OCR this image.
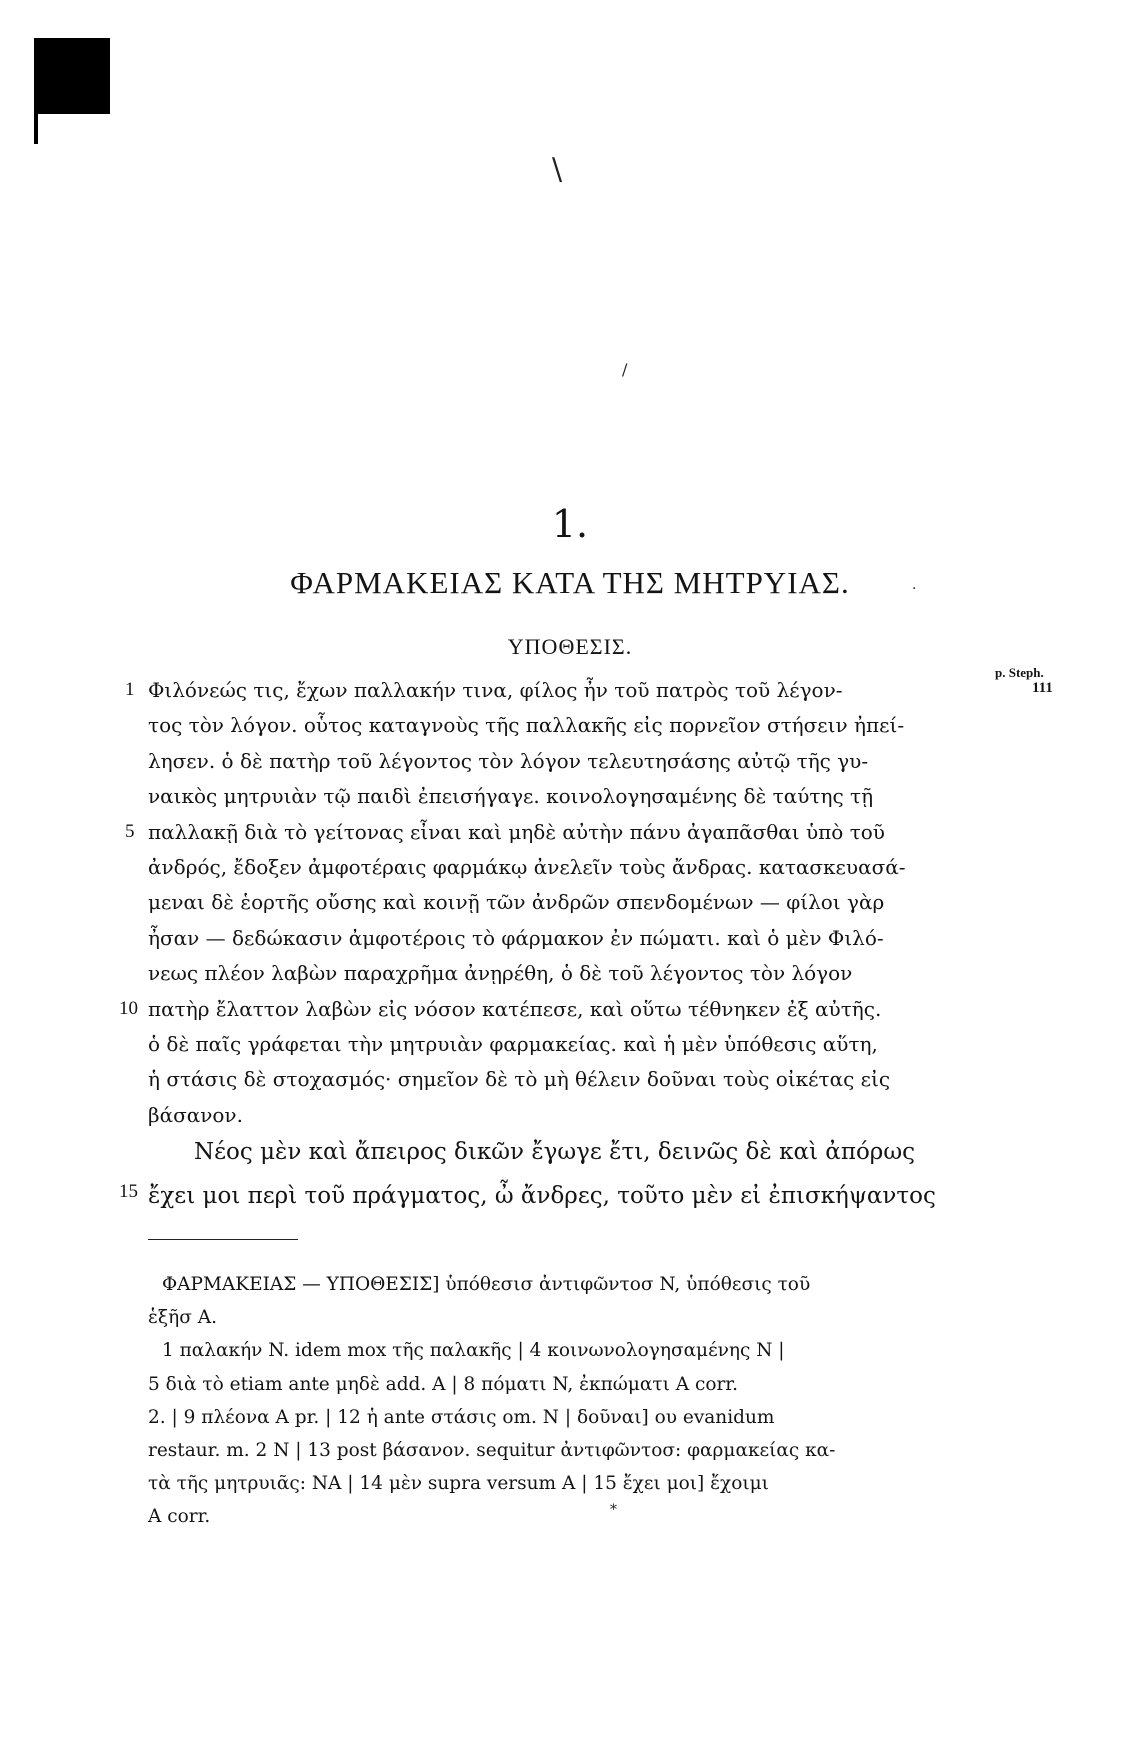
\
/
.
*
1.
ΦΑΡΜΑΚΕΙΑΣ ΚΑΤΑ ΤΗΣ ΜΗΤΡΥΙΑΣ.
ΥΠΟΘΕΣΙΣ.
p. Steph.
111
1
5
10
Φιλόνεώς τις, ἔχων παλλακήν τινα, φίλος ἦν τοῦ πατρὸς τοῦ λέγον-
τος τὸν λόγον. οὗτος καταγνοὺς τῆς παλλακῆς εἰς πορνεῖον στήσειν ἠπεί-
λησεν. ὁ δὲ πατὴρ τοῦ λέγοντος τὸν λόγον τελευτησάσης αὐτῷ τῆς γυ-
ναικὸς μητρυιὰν τῷ παιδὶ ἐπεισήγαγε. κοινολογησαμένης δὲ ταύτης τῇ
παλλακῇ διὰ τὸ γείτονας εἶναι καὶ μηδὲ αὐτὴν πάνυ ἀγαπᾶσθαι ὑπὸ τοῦ
ἀνδρός, ἔδοξεν ἀμφοτέραις φαρμάκῳ ἀνελεῖν τοὺς ἄνδρας. κατασκευασά-
μεναι δὲ ἑορτῆς οὔσης καὶ κοινῇ τῶν ἀνδρῶν σπενδομένων — φίλοι γὰρ
ἦσαν — δεδώκασιν ἀμφοτέροις τὸ φάρμακον ἐν πώματι. καὶ ὁ μὲν Φιλό-
νεως πλέον λαβὼν παραχρῆμα ἀνῃρέθη, ὁ δὲ τοῦ λέγοντος τὸν λόγον
πατὴρ ἔλαττον λαβὼν εἰς νόσον κατέπεσε, καὶ οὕτω τέθνηκεν ἐξ αὐτῆς.
ὁ δὲ παῖς γράφεται τὴν μητρυιὰν φαρμακείας. καὶ ἡ μὲν ὑπόθεσις αὕτη,
ἡ στάσις δὲ στοχασμός· σημεῖον δὲ τὸ μὴ θέλειν δοῦναι τοὺς οἰκέτας εἰς
βάσανον.
15
Νέος μὲν καὶ ἄπειρος δικῶν ἔγωγε ἔτι, δεινῶς δὲ καὶ ἀπόρως
ἔχει μοι περὶ τοῦ πράγματος, ὦ ἄνδρες, τοῦτο μὲν εἰ ἐπισκήψαντος
ΦΑΡΜΑΚΕΙΑΣ — ΥΠΟΘΕΣΙΣ] ὑπόθεσισ ἀντιφῶντοσ N, ὑπόθεσις τοῦ
ἑξῆσ A.
1 παλακήν N. idem mox τῆς παλακῆς | 4 κοινωνολογησαμένης N |
5 διὰ τὸ etiam ante μηδὲ add. A | 8 πόματι N, ἐκπώματι A corr.
2. | 9 πλέονα A pr. | 12 ἡ ante στάσις om. N | δοῦναι] ου evanidum
restaur. m. 2 N | 13 post βάσανον. sequitur ἀντιφῶντοσ: φαρμακείας κα-
τὰ τῆς μητρυιᾶς: NA | 14 μὲν supra versum A | 15 ἔχει μοι] ἔχοιμι
A corr.
